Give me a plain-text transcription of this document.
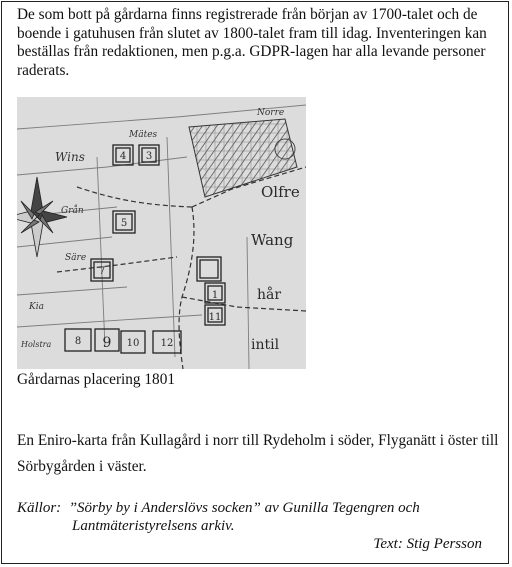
De som bott på gårdarna finns registrerade från början av 1700-talet och de boende i gatuhusen från slutet av 1800-talet fram till idag. Inventeringen kan beställas från redaktionen, men p.g.a. GDPR-lagen har alla levande personer raderats.

4 3
5
7
1
11
8 9 10 12
Norre
Mätes
Wins
Grån
Säre
Kia
Holstra
Olfre
Wang
hår
intil

Gårdarnas placering 1801

En Eniro-karta från Kullagård i norr till Rydeholm i söder, Flyganätt i öster till Sörbygården i väster.

Källor: ”Sörby by i Anderslövs socken” av Gunilla Tegengren och
Lantmäteristyrelsens arkiv.

Text: Stig Persson
